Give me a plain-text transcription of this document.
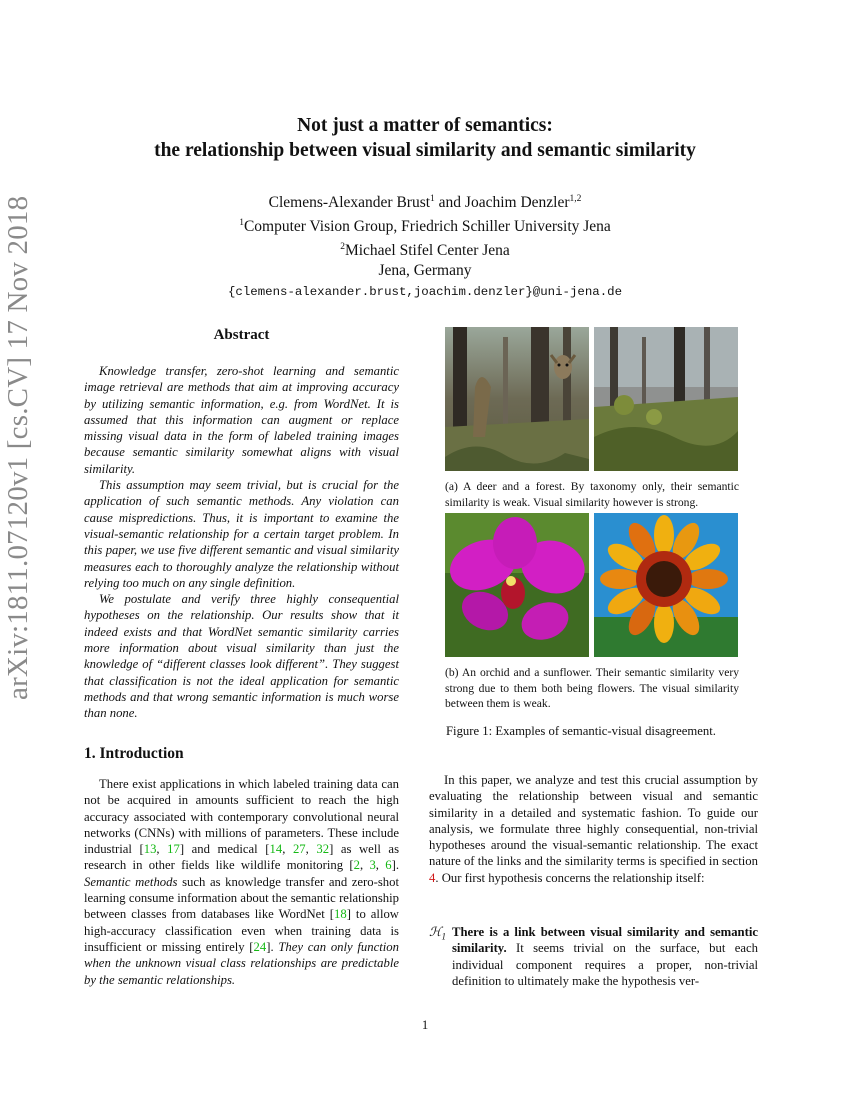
arXiv:1811.07120v1 [cs.CV] 17 Nov 2018
Not just a matter of semantics:
the relationship between visual similarity and semantic similarity
Clemens-Alexander Brust$^1$ and Joachim Denzler$^{1,2}$
$^1$Computer Vision Group, Friedrich Schiller University Jena
$^2$Michael Stifel Center Jena
Jena, Germany
{clemens-alexander.brust,joachim.denzler}@uni-jena.de
Abstract

Knowledge transfer, zero-shot learning and semantic image retrieval are methods that aim at improving accuracy by utilizing semantic information, e.g. from WordNet. It is assumed that this information can augment or replace missing visual data in the form of labeled training images because semantic similarity somewhat aligns with visual similarity.

This assumption may seem trivial, but is crucial for the application of such semantic methods. Any violation can cause mispredictions. Thus, it is important to examine the visual-semantic relationship for a certain target problem. In this paper, we use five different semantic and visual similarity measures each to thoroughly analyze the relationship without relying too much on any single definition.

We postulate and verify three highly consequential hypotheses on the relationship. Our results show that it indeed exists and that WordNet semantic similarity carries more information about visual similarity than just the knowledge of “different classes look different”. They suggest that classification is not the ideal application for semantic methods and that wrong semantic information is much worse than none.

1. Introduction

There exist applications in which labeled training data can not be acquired in amounts sufficient to reach the high accuracy associated with contemporary convolutional neural networks (CNNs) with millions of parameters. These include industrial [13, 17] and medical [14, 27, 32] as well as research in other fields like wildlife monitoring [2, 3, 6]. Semantic methods such as knowledge transfer and zero-shot learning consume information about the semantic relationship between classes from databases like WordNet [18] to allow high-accuracy classification even when training data is insufficient or missing entirely [24]. They can only function when the unknown visual class relationships are predictable by the semantic relationships.

(a) A deer and a forest. By taxonomy only, their semantic similarity is weak. Visual similarity however is strong.
(b) An orchid and a sunflower. Their semantic similarity very strong due to them both being flowers. The visual similarity between them is weak.
Figure 1: Examples of semantic-visual disagreement.

In this paper, we analyze and test this crucial assumption by evaluating the relationship between visual and semantic similarity in a detailed and systematic fashion. To guide our analysis, we formulate three highly consequential, non-trivial hypotheses around the visual-semantic relationship. The exact nature of the links and the similarity terms is specified in section 4. Our first hypothesis concerns the relationship itself:

ℋ$_1$ There is a link between visual similarity and semantic similarity. It seems trivial on the surface, but each individual component requires a proper, non-trivial definition to ultimately make the hypothesis ver-
1
